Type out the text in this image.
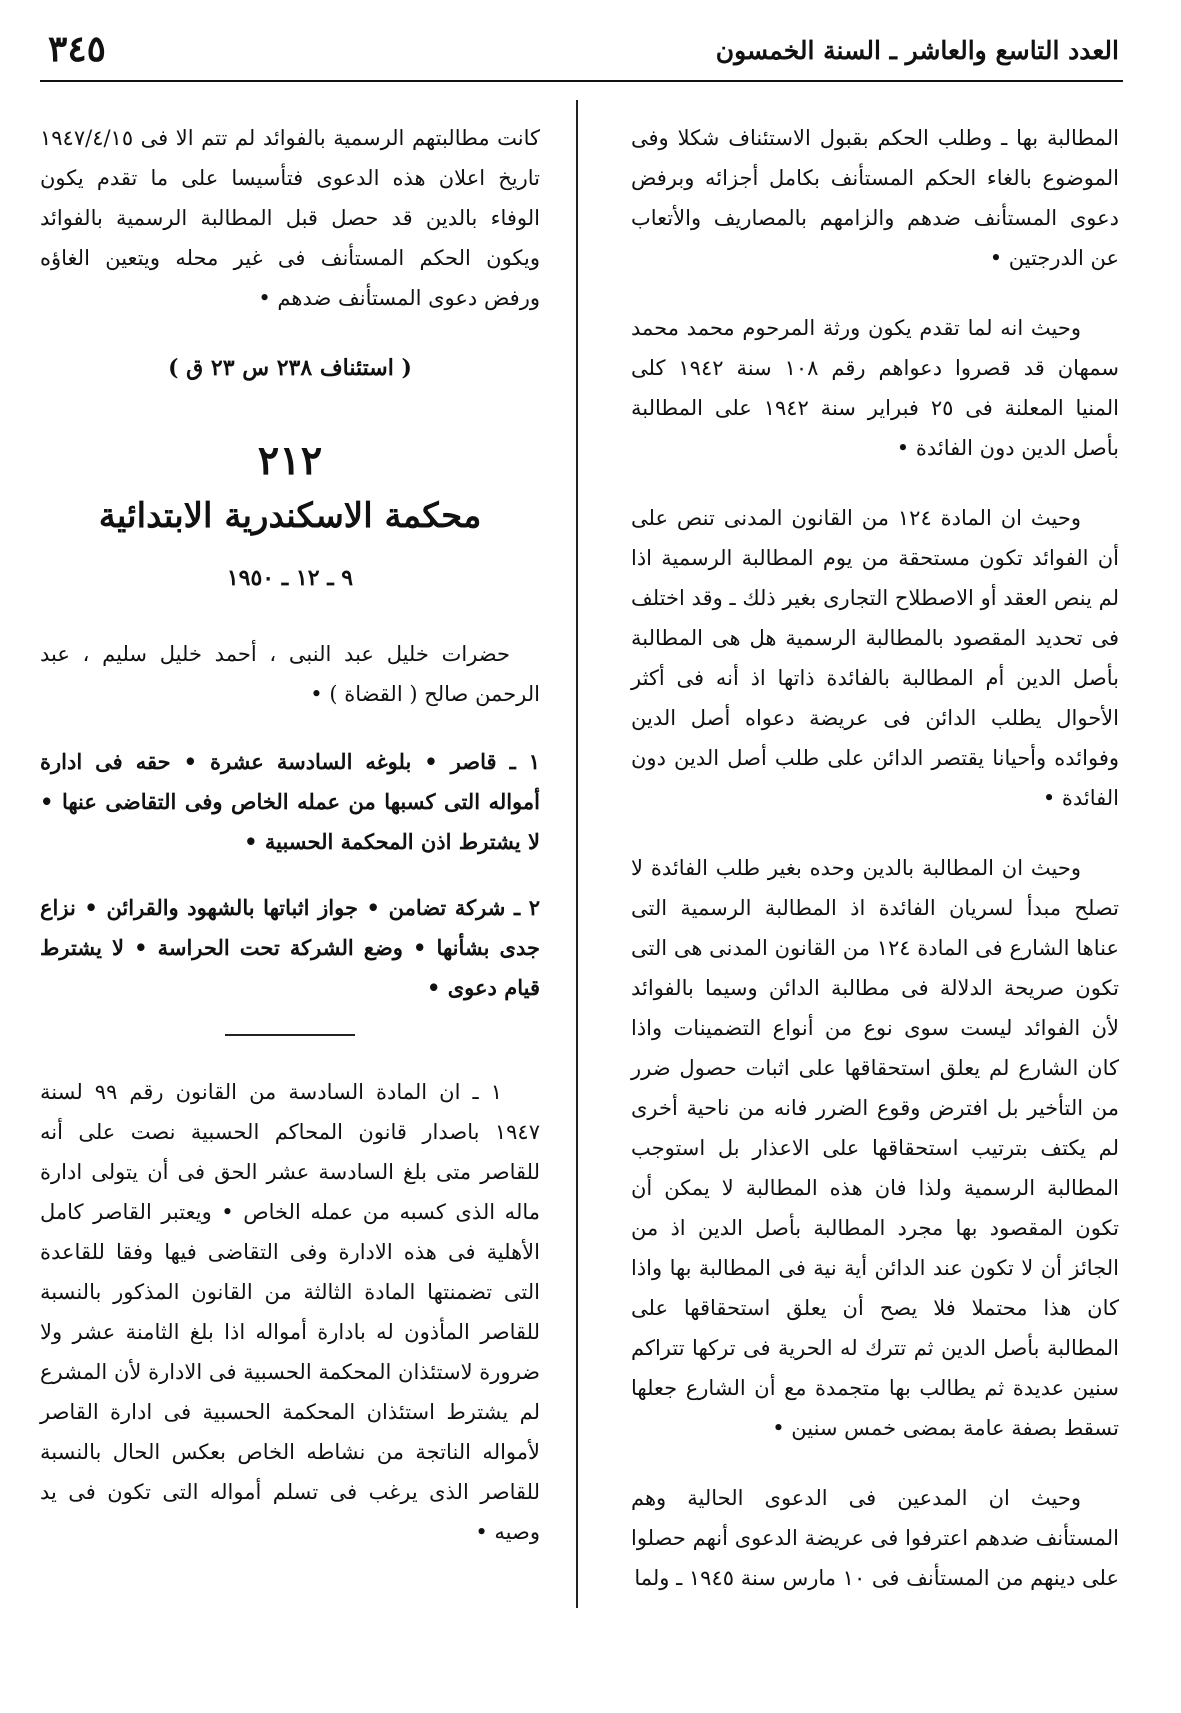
٣٤٥	العدد التاسع والعاشر ـ السنة الخمسون

المطالبة بها ـ وطلب الحكم بقبول الاستئناف شكلا وفى الموضوع بالغاء الحكم المستأنف بكامل أجزائه وبرفض دعوى المستأنف ضدهم والزامهم بالمصاريف والأتعاب عن الدرجتين •

وحيث انه لما تقدم يكون ورثة المرحوم محمد محمد سمهان قد قصروا دعواهم رقم ١٠٨ سنة ١٩٤٢ كلى المنيا المعلنة فى ٢٥ فبراير سنة ١٩٤٢ على المطالبة بأصل الدين دون الفائدة •

وحيث ان المادة ١٢٤ من القانون المدنى تنص على أن الفوائد تكون مستحقة من يوم المطالبة الرسمية اذا لم ينص العقد أو الاصطلاح التجارى بغير ذلك ـ وقد اختلف فى تحديد المقصود بالمطالبة الرسمية هل هى المطالبة بأصل الدين أم المطالبة بالفائدة ذاتها اذ أنه فى أكثر الأحوال يطلب الدائن فى عريضة دعواه أصل الدين وفوائده وأحيانا يقتصر الدائن على طلب أصل الدين دون الفائدة •

وحيث ان المطالبة بالدين وحده بغير طلب الفائدة لا تصلح مبدأ لسريان الفائدة اذ المطالبة الرسمية التى عناها الشارع فى المادة ١٢٤ من القانون المدنى هى التى تكون صريحة الدلالة فى مطالبة الدائن وسيما بالفوائد لأن الفوائد ليست سوى نوع من أنواع التضمينات واذا كان الشارع لم يعلق استحقاقها على اثبات حصول ضرر من التأخير بل افترض وقوع الضرر فانه من ناحية أخرى لم يكتف بترتيب استحقاقها على الاعذار بل استوجب المطالبة الرسمية ولذا فان هذه المطالبة لا يمكن أن تكون المقصود بها مجرد المطالبة بأصل الدين اذ من الجائز أن لا تكون عند الدائن أية نية فى المطالبة بها واذا كان هذا محتملا فلا يصح أن يعلق استحقاقها على المطالبة بأصل الدين ثم تترك له الحرية فى تركها تتراكم سنين عديدة ثم يطالب بها متجمدة مع أن الشارع جعلها تسقط بصفة عامة بمضى خمس سنين •

وحيث ان المدعين فى الدعوى الحالية وهم المستأنف ضدهم اعترفوا فى عريضة الدعوى أنهم حصلوا على دينهم من المستأنف فى ١٠ مارس سنة ١٩٤٥ ـ ولما

كانت مطالبتهم الرسمية بالفوائد لم تتم الا فى ١٩٤٧/٤/١٥ تاريخ اعلان هذه الدعوى فتأسيسا على ما تقدم يكون الوفاء بالدين قد حصل قبل المطالبة الرسمية بالفوائد ويكون الحكم المستأنف فى غير محله ويتعين الغاؤه ورفض دعوى المستأنف ضدهم •

( استئناف ٢٣٨ س ٢٣ ق )

٢١٢

محكمة الاسكندرية الابتدائية

٩ ـ ١٢ ـ ١٩٥٠

حضرات خليل عبد النبى ، أحمد خليل سليم ، عبد الرحمن صالح ( القضاة ) •

١ ـ قاصر • بلوغه السادسة عشرة • حقه فى ادارة أمواله التى كسبها من عمله الخاص وفى التقاضى عنها • لا يشترط اذن المحكمة الحسبية •

٢ ـ شركة تضامن • جواز اثباتها بالشهود والقرائن • نزاع جدى بشأنها • وضع الشركة تحت الحراسة • لا يشترط قيام دعوى •

١ ـ ان المادة السادسة من القانون رقم ٩٩ لسنة ١٩٤٧ باصدار قانون المحاكم الحسبية نصت على أنه للقاصر متى بلغ السادسة عشر الحق فى أن يتولى ادارة ماله الذى كسبه من عمله الخاص • ويعتبر القاصر كامل الأهلية فى هذه الادارة وفى التقاضى فيها وفقا للقاعدة التى تضمنتها المادة الثالثة من القانون المذكور بالنسبة للقاصر المأذون له بادارة أمواله اذا بلغ الثامنة عشر ولا ضرورة لاستئذان المحكمة الحسبية فى الادارة لأن المشرع لم يشترط استئذان المحكمة الحسبية فى ادارة القاصر لأمواله الناتجة من نشاطه الخاص بعكس الحال بالنسبة للقاصر الذى يرغب فى تسلم أمواله التى تكون فى يد وصيه •
